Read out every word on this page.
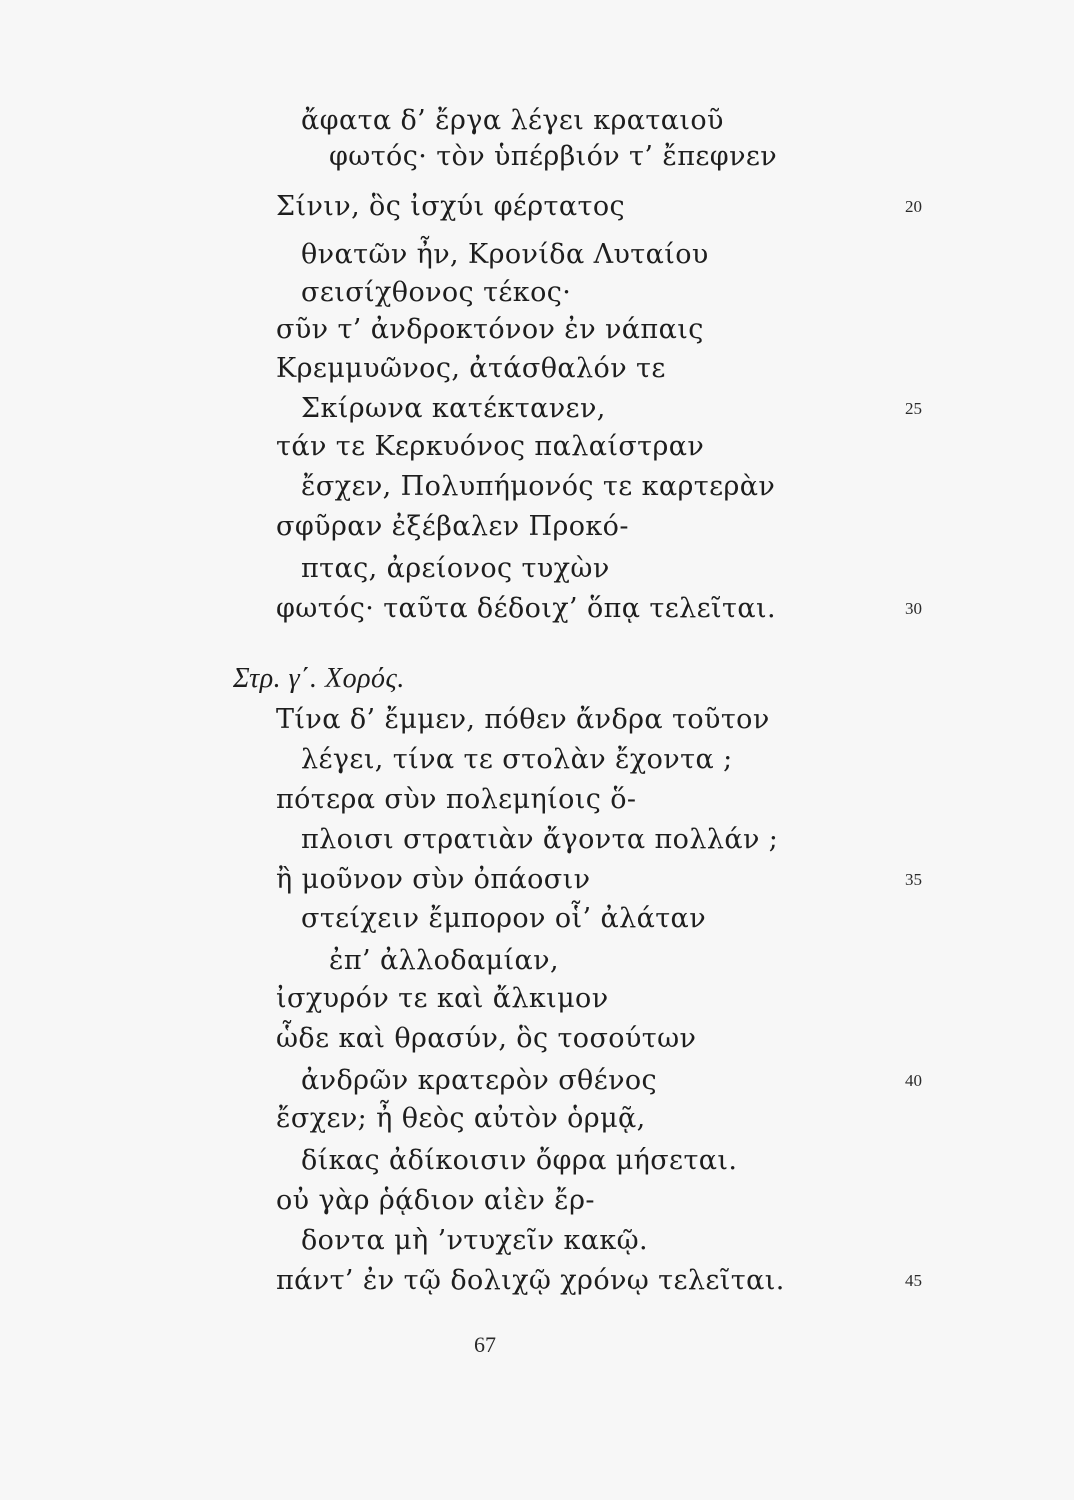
ἄφατα δ’ ἔργα λέγει κραταιοῦ
φωτός· τὸν ὑπέρβιόν τ’ ἔπεφνεν
Σίνιν, ὃς ἰσχύι φέρτατος	20
θνατῶν ἦν, Κρονίδα Λυταίου
σεισίχθονος τέκος·
σῦν τ’ ἀνδροκτόνον ἐν νάπαις
Κρεμμυῶνος, ἀτάσθαλόν τε
Σκίρωνα κατέκτανεν,	25
τάν τε Κερκυόνος παλαίστραν
ἔσχεν, Πολυπήμονός τε καρτερὰν
σφῦραν ἐξέβαλεν Προκό-
πτας, ἀρείονος τυχὼν
φωτός· ταῦτα δέδοιχ’ ὅπᾳ τελεῖται.	30
Στρ. γ΄. Χορός.
Τίνα δ’ ἔμμεν, πόθεν ἄνδρα τοῦτον
λέγει, τίνα τε στολὰν ἔχοντα ;
πότερα σὺν πολεμηίοις ὅ-
πλοισι στρατιὰν ἄγοντα πολλάν ;
ἢ μοῦνον σὺν ὀπάοσιν	35
στείχειν ἔμπορον οἷ’ ἀλάταν
ἐπ’ ἀλλοδαμίαν,
ἰσχυρόν τε καὶ ἄλκιμον
ὧδε καὶ θρασύν, ὃς τοσούτων
ἀνδρῶν κρατερὸν σθένος	40
ἔσχεν; ἦ θεὸς αὐτὸν ὁρμᾷ,
δίκας ἀδίκοισιν ὄφρα μήσεται.
οὐ γὰρ ῥᾴδιον αἰὲν ἔρ-
δοντα μὴ ’ντυχεῖν κακῷ.
πάντ’ ἐν τῷ δολιχῷ χρόνῳ τελεῖται.	45
67
